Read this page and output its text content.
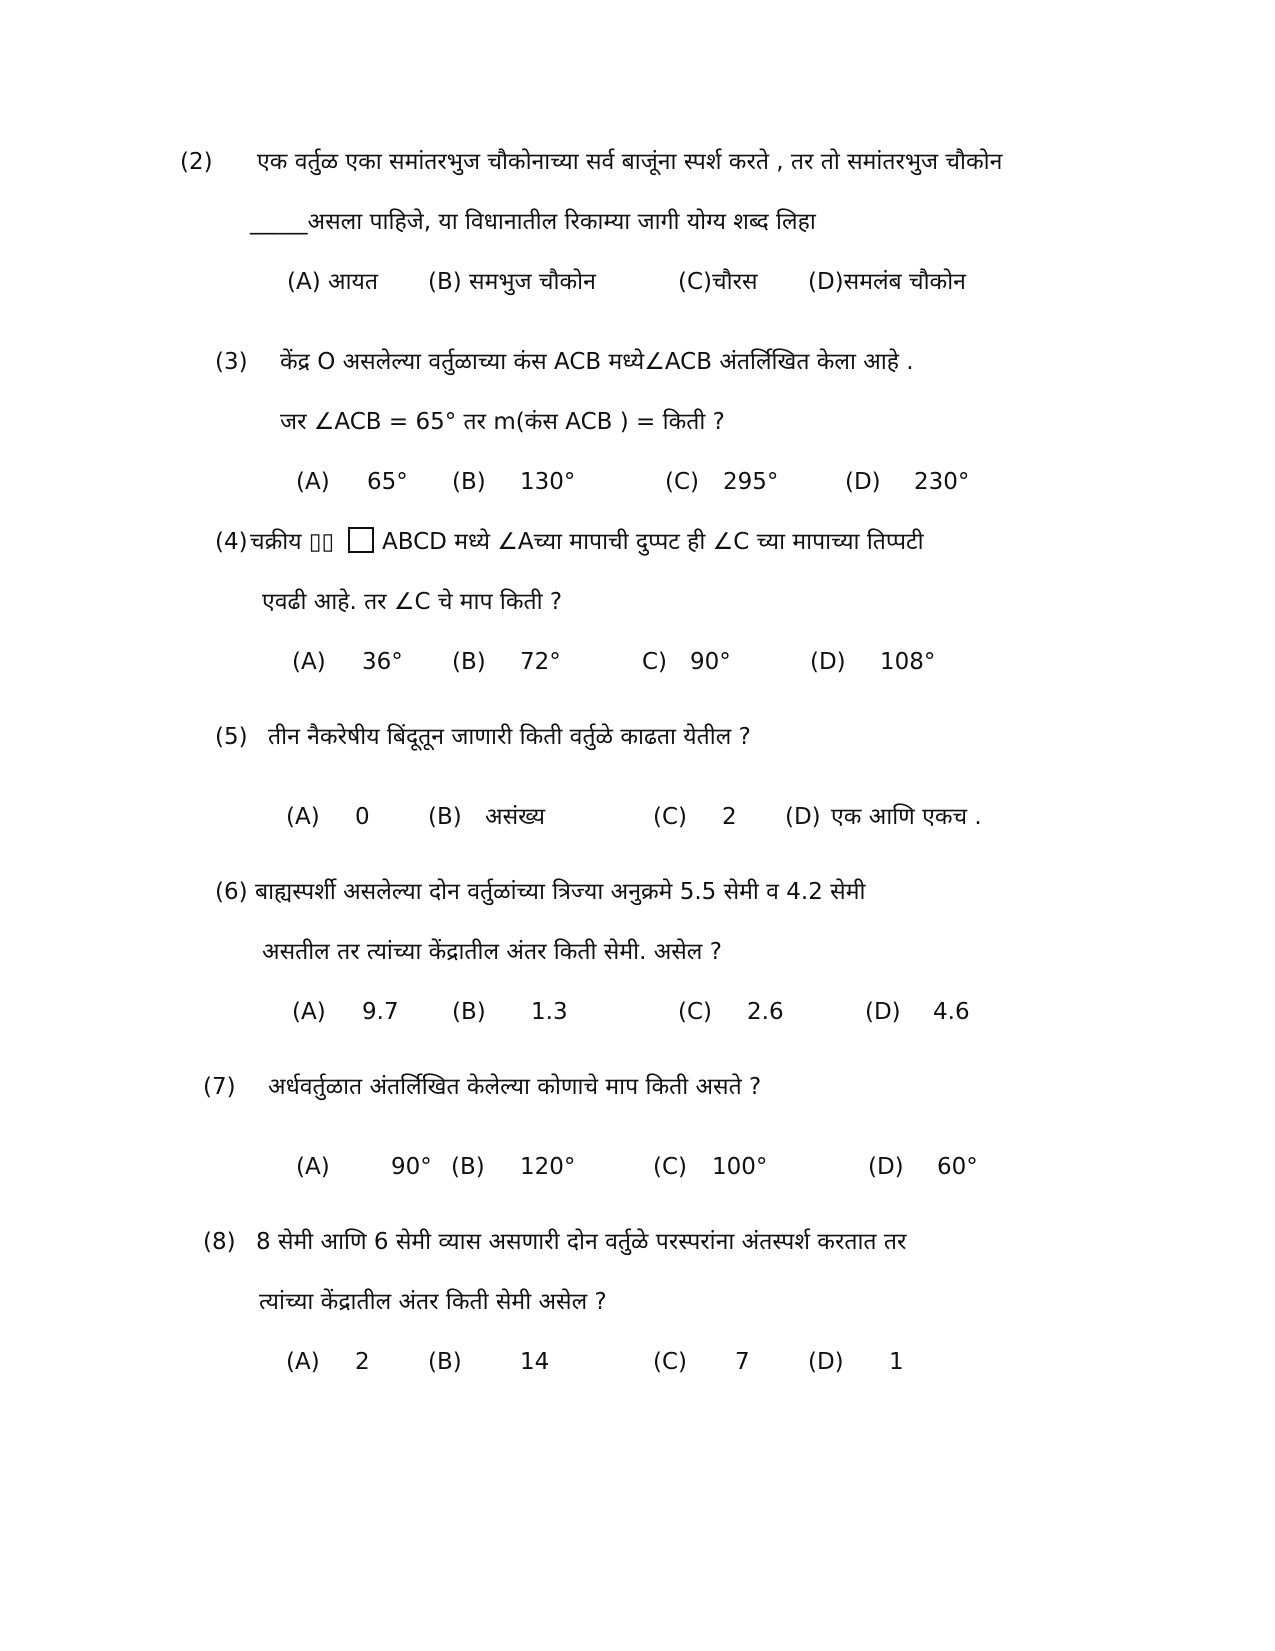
(2) एक वर्तुळ एका समांतरभुज चौकोनाच्या सर्व बाजूंना स्पर्श करते , तर तो समांतरभुज चौकोन
_____असला पाहिजे, या विधानातील रिकाम्या जागी योग्य शब्द लिहा
(A) आयत (B) समभुज चौकोन	(C)चौरस (D)समलंब चौकोन
(3) केंद्र O असलेल्या वर्तुळाच्या कंस ACB मध्ये∠ACB अंतर्लिखित केला आहे .
जर ∠ACB = 65° तर m(कंस ACB ) = किती ?
(A) 65° (B) 130°	(C) 295°	(D) 230°
(4) चक्रीय ▯▯ ABCD मध्ये ∠Aच्या मापाची दुप्पट ही ∠C च्या मापाच्या तिप्पटी
एवढी आहे. तर ∠C चे माप किती ?
(A) 36° (B) 72°	C) 90°	(D) 108°
(5) तीन नैकरेषीय बिंदूतून जाणारी किती वर्तुळे काढता येतील ?
(A) 0	(B) असंख्य	(C) 2 (D) एक आणि एकच .
(6) बाह्यस्पर्शी असलेल्या दोन वर्तुळांच्या त्रिज्या अनुक्रमे 5.5 सेमी व 4.2 सेमी
असतील तर त्यांच्या केंद्रातील अंतर किती सेमी. असेल ?
(A) 9.7 (B) 1.3	(C) 2.6	(D) 4.6
(7) अर्धवर्तुळात अंतर्लिखित केलेल्या कोणाचे माप किती असते ?
(A)	90° (B) 120°	(C) 100°	(D) 60°
(8) 8 सेमी आणि 6 सेमी व्यास असणारी दोन वर्तुळे परस्परांना अंतस्पर्श करतात तर
त्यांच्या केंद्रातील अंतर किती सेमी असेल ?
(A) 2	(B)	14	(C) 7	(D) 1
